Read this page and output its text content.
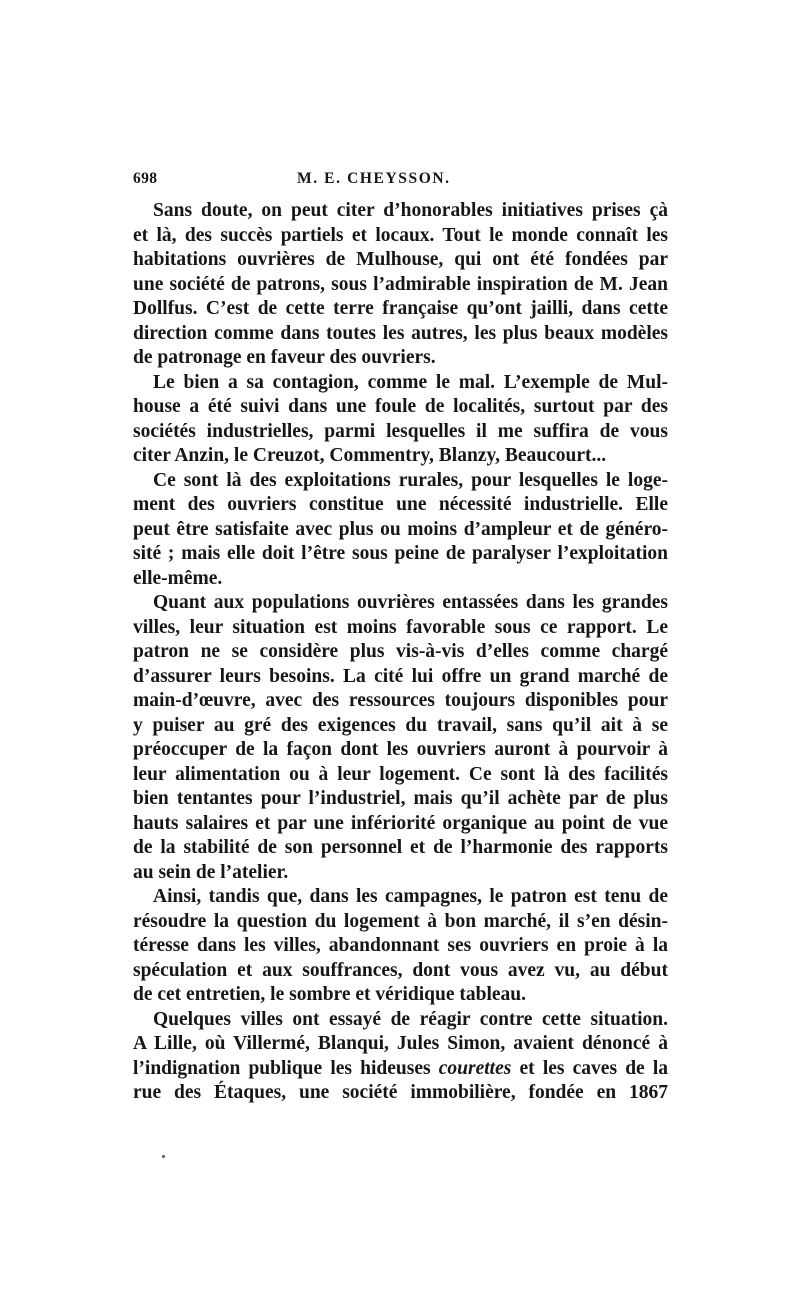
698	M. E. CHEYSSON.
Sans doute, on peut citer d’honorables initiatives prises çà
et là, des succès partiels et locaux. Tout le monde connaît les
habitations ouvrières de Mulhouse, qui ont été fondées par
une société de patrons, sous l’admirable inspiration de M. Jean
Dollfus. C’est de cette terre française qu’ont jailli, dans cette
direction comme dans toutes les autres, les plus beaux modèles
de patronage en faveur des ouvriers.
Le bien a sa contagion, comme le mal. L’exemple de Mul-
house a été suivi dans une foule de localités, surtout par des
sociétés industrielles, parmi lesquelles il me suffira de vous
citer Anzin, le Creuzot, Commentry, Blanzy, Beaucourt...
Ce sont là des exploitations rurales, pour lesquelles le loge-
ment des ouvriers constitue une nécessité industrielle. Elle
peut être satisfaite avec plus ou moins d’ampleur et de généro-
sité ; mais elle doit l’être sous peine de paralyser l’exploitation
elle-même.
Quant aux populations ouvrières entassées dans les grandes
villes, leur situation est moins favorable sous ce rapport. Le
patron ne se considère plus vis-à-vis d’elles comme chargé
d’assurer leurs besoins. La cité lui offre un grand marché de
main-d’œuvre, avec des ressources toujours disponibles pour
y puiser au gré des exigences du travail, sans qu’il ait à se
préoccuper de la façon dont les ouvriers auront à pourvoir à
leur alimentation ou à leur logement. Ce sont là des facilités
bien tentantes pour l’industriel, mais qu’il achète par de plus
hauts salaires et par une infériorité organique au point de vue
de la stabilité de son personnel et de l’harmonie des rapports
au sein de l’atelier.
Ainsi, tandis que, dans les campagnes, le patron est tenu de
résoudre la question du logement à bon marché, il s’en désin-
téresse dans les villes, abandonnant ses ouvriers en proie à la
spéculation et aux souffrances, dont vous avez vu, au début
de cet entretien, le sombre et véridique tableau.
Quelques villes ont essayé de réagir contre cette situation.
A Lille, où Villermé, Blanqui, Jules Simon, avaient dénoncé à
l’indignation publique les hideuses courettes et les caves de la
rue des Étaques, une société immobilière, fondée en 1867
